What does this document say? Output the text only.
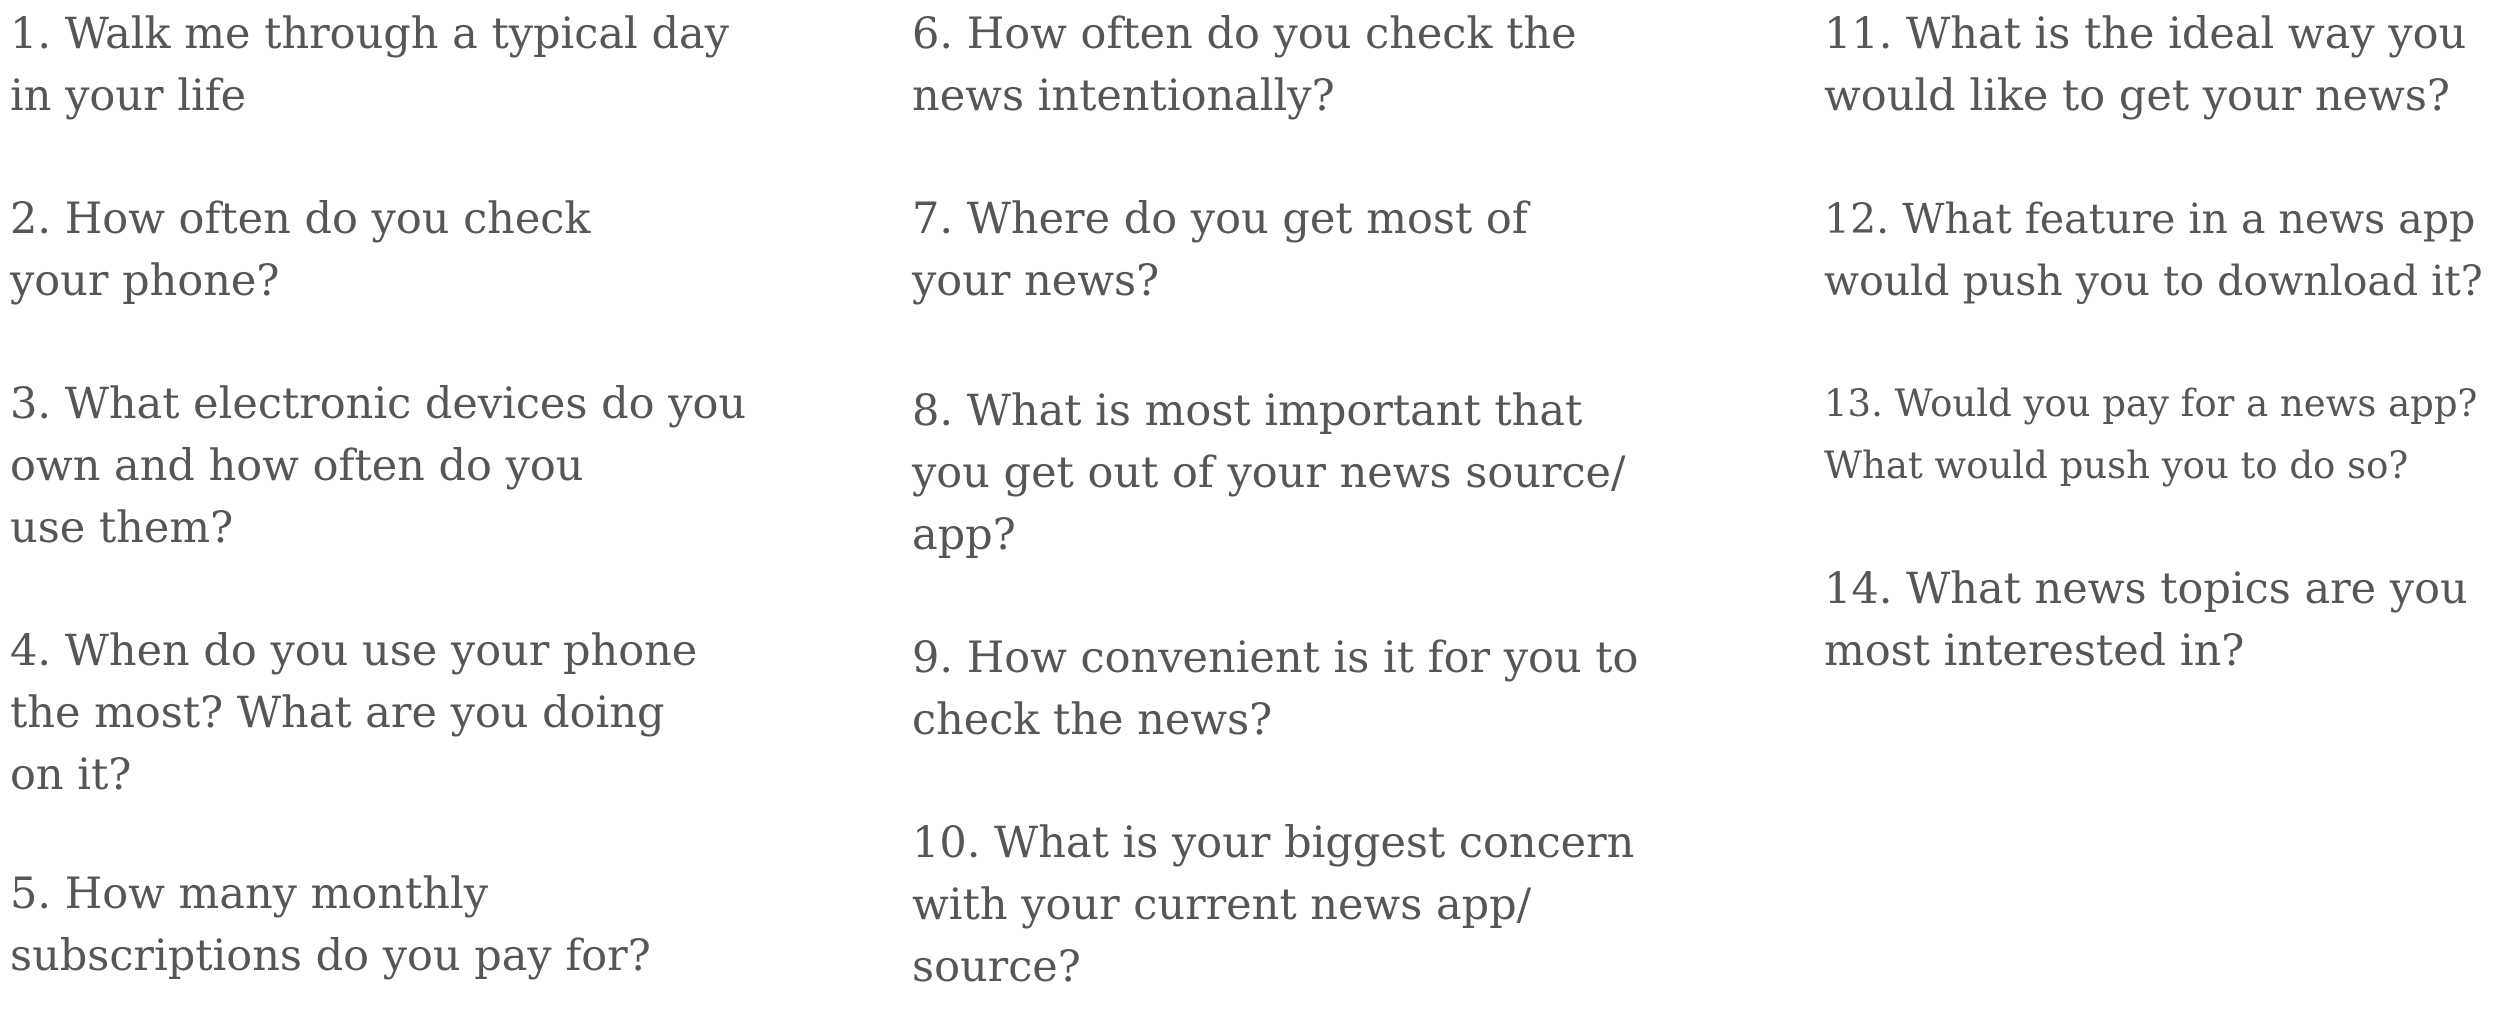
1. Walk me through a typical day
in your life

2. How often do you check
your phone?

3. What electronic devices do you
own and how often do you
use them?

4. When do you use your phone
the most? What are you doing
on it?

5. How many monthly
subscriptions do you pay for?

6. How often do you check the
news intentionally?

7. Where do you get most of
your news?

8. What is most important that
you get out of your news source/
app?

9. How convenient is it for you to
check the news?

10. What is your biggest concern
with your current news app/
source?

11. What is the ideal way you
would like to get your news?

12. What feature in a news app
would push you to download it?

13. Would you pay for a news app?
What would push you to do so?

14. What news topics are you
most interested in?
